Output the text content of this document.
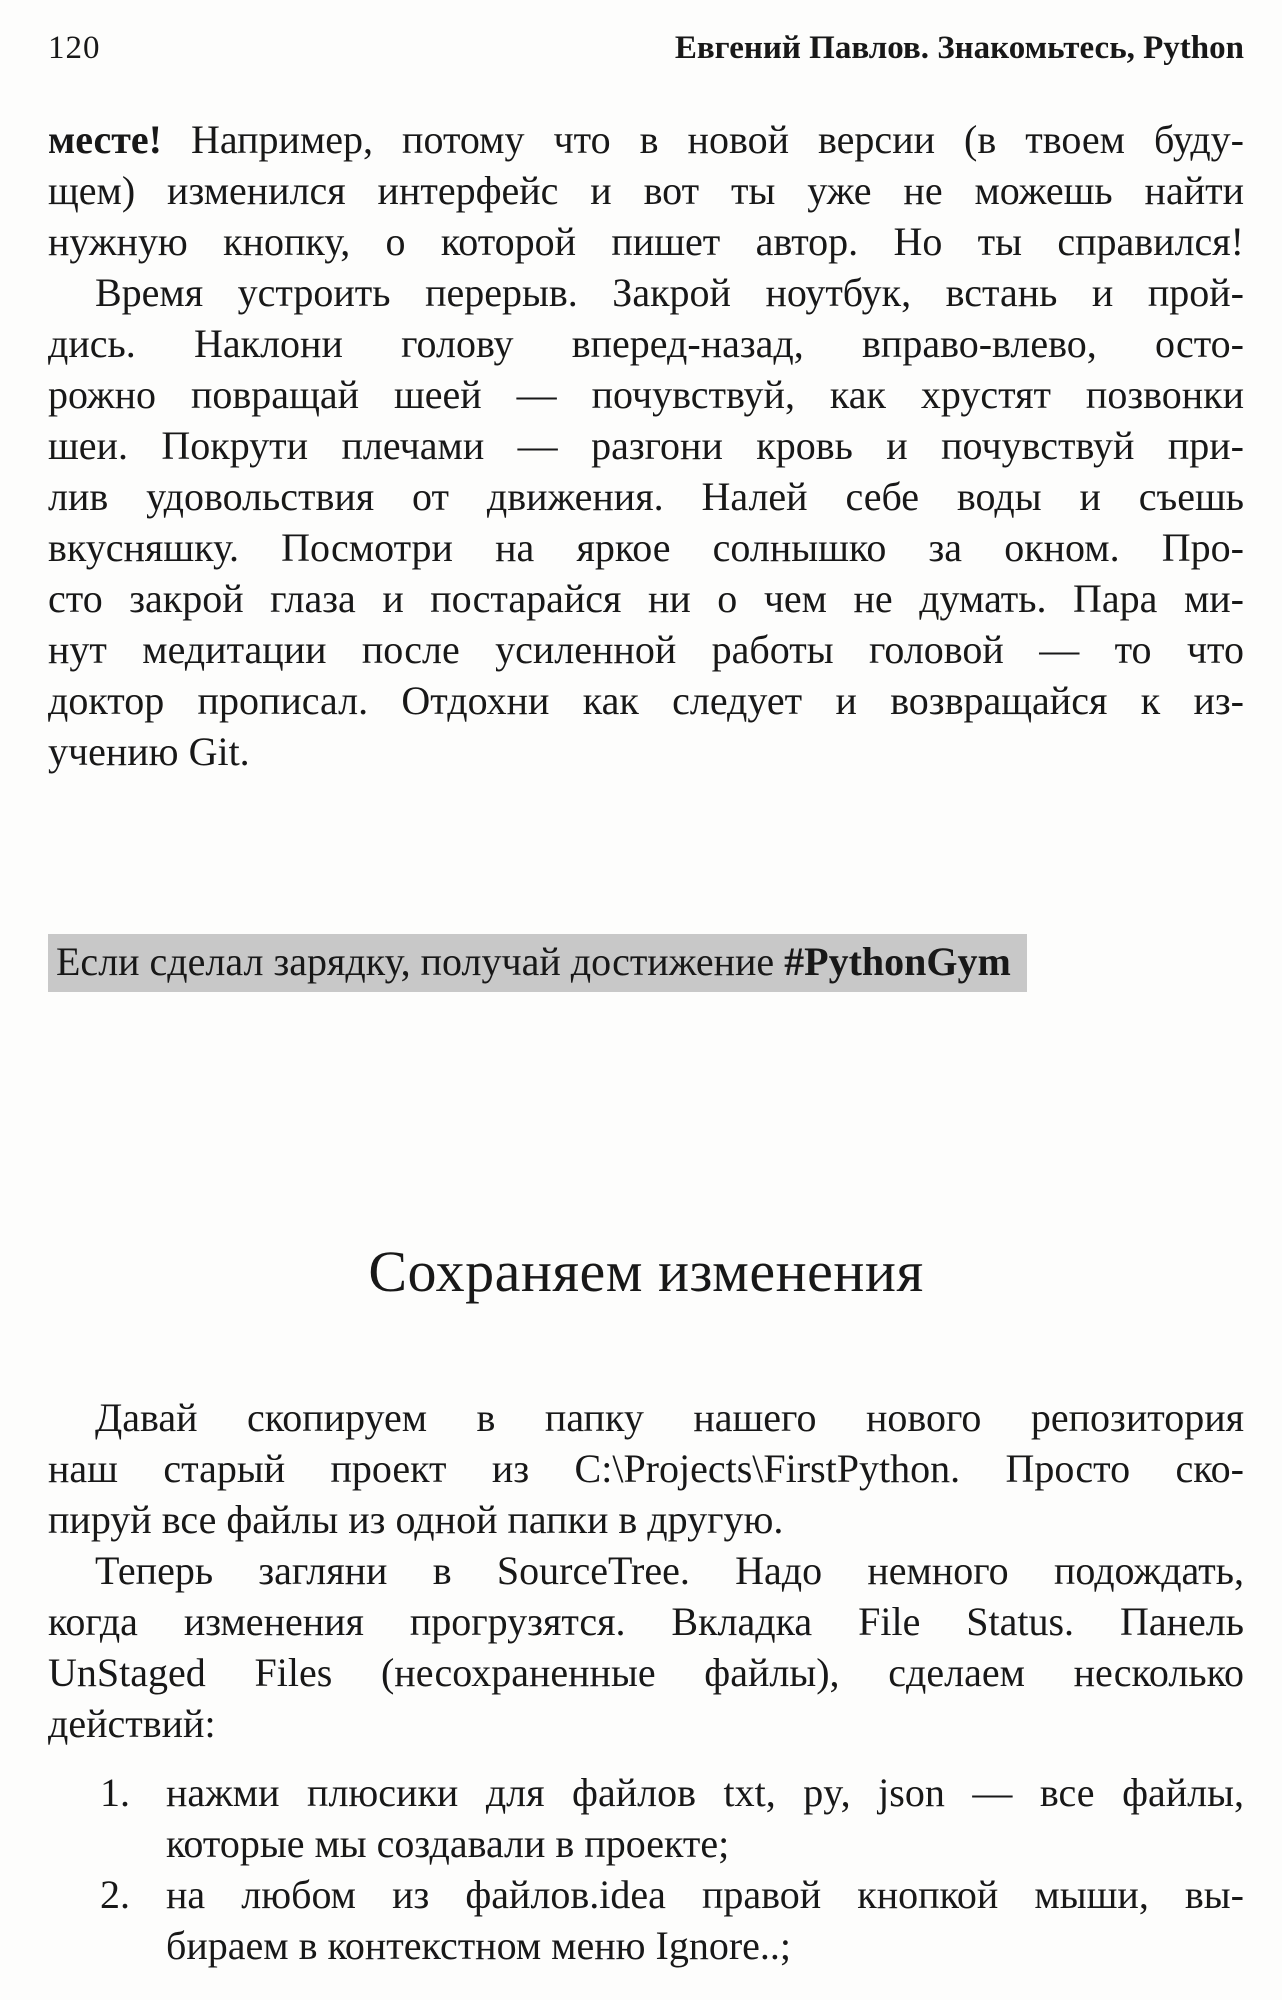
120	Евгений Павлов. Знакомьтесь, Python
месте! Например, потому что в новой версии (в твоем буду-
щем) изменился интерфейс и вот ты уже не можешь найти
нужную кнопку, о которой пишет автор. Но ты справился!
Время устроить перерыв. Закрой ноутбук, встань и прой-
дись. Наклони голову вперед-назад, вправо-влево, осто-
рожно повращай шеей — почувствуй, как хрустят позвонки
шеи. Покрути плечами — разгони кровь и почувствуй при-
лив удовольствия от движения. Налей себе воды и съешь
вкусняшку. Посмотри на яркое солнышко за окном. Про-
сто закрой глаза и постарайся ни о чем не думать. Пара ми-
нут медитации после усиленной работы головой — то что
доктор прописал. Отдохни как следует и возвращайся к из-
учению Git.
Если сделал зарядку, получай достижение #PythonGym
Сохраняем изменения
Давай скопируем в папку нашего нового репозитория
наш старый проект из C:\Projects\FirstPython. Просто ско-
пируй все файлы из одной папки в другую.
Теперь загляни в SourceTree. Надо немного подождать,
когда изменения прогрузятся. Вкладка File Status. Панель
UnStaged Files (несохраненные файлы), сделаем несколько
действий:
1. нажми плюсики для файлов txt, py, json — все файлы,
которые мы создавали в проекте;
2. на любом из файлов.idea правой кнопкой мыши, вы-
бираем в контекстном меню Ignore..;
